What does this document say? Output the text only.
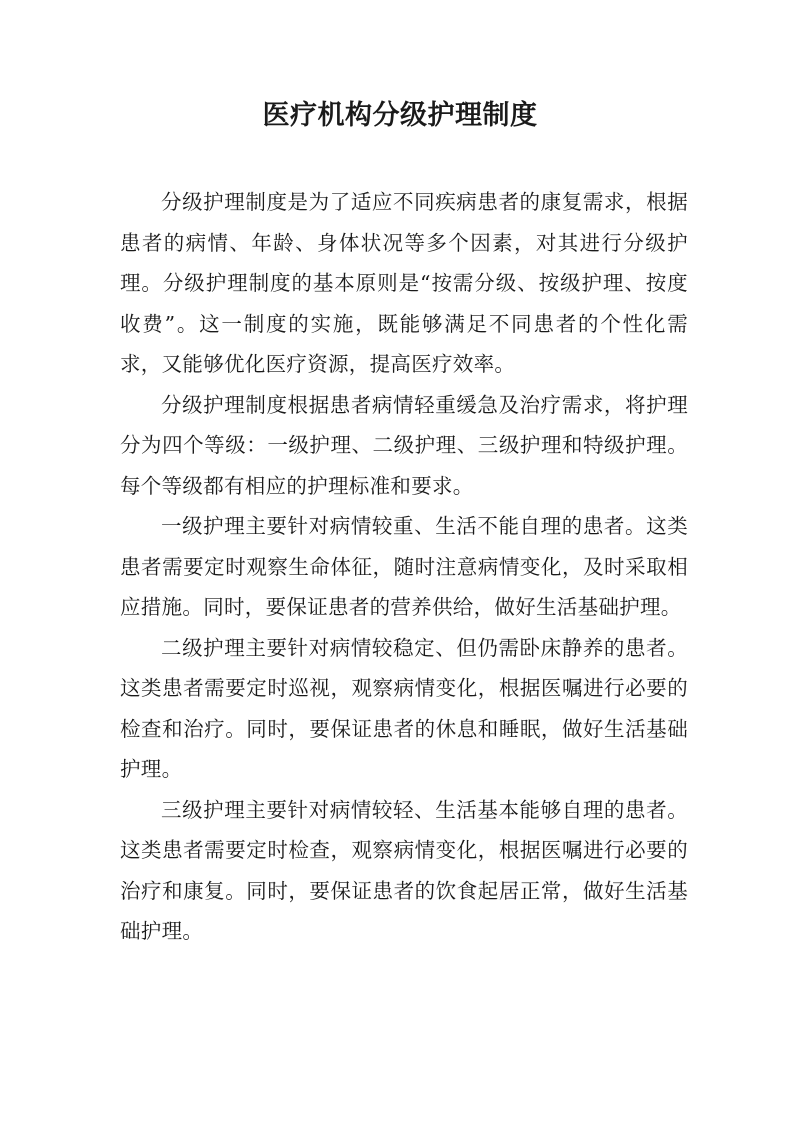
医疗机构分级护理制度

分级护理制度是为了适应不同疾病患者的康复需求，根据患者的病情、年龄、身体状况等多个因素，对其进行分级护理。分级护理制度的基本原则是“按需分级、按级护理、按度收费”。这一制度的实施，既能够满足不同患者的个性化需求，又能够优化医疗资源，提高医疗效率。

分级护理制度根据患者病情轻重缓急及治疗需求，将护理分为四个等级：一级护理、二级护理、三级护理和特级护理。每个等级都有相应的护理标准和要求。

一级护理主要针对病情较重、生活不能自理的患者。这类患者需要定时观察生命体征，随时注意病情变化，及时采取相应措施。同时，要保证患者的营养供给，做好生活基础护理。

二级护理主要针对病情较稳定、但仍需卧床静养的患者。这类患者需要定时巡视，观察病情变化，根据医嘱进行必要的检查和治疗。同时，要保证患者的休息和睡眠，做好生活基础护理。

三级护理主要针对病情较轻、生活基本能够自理的患者。这类患者需要定时检查，观察病情变化，根据医嘱进行必要的治疗和康复。同时，要保证患者的饮食起居正常，做好生活基础护理。
